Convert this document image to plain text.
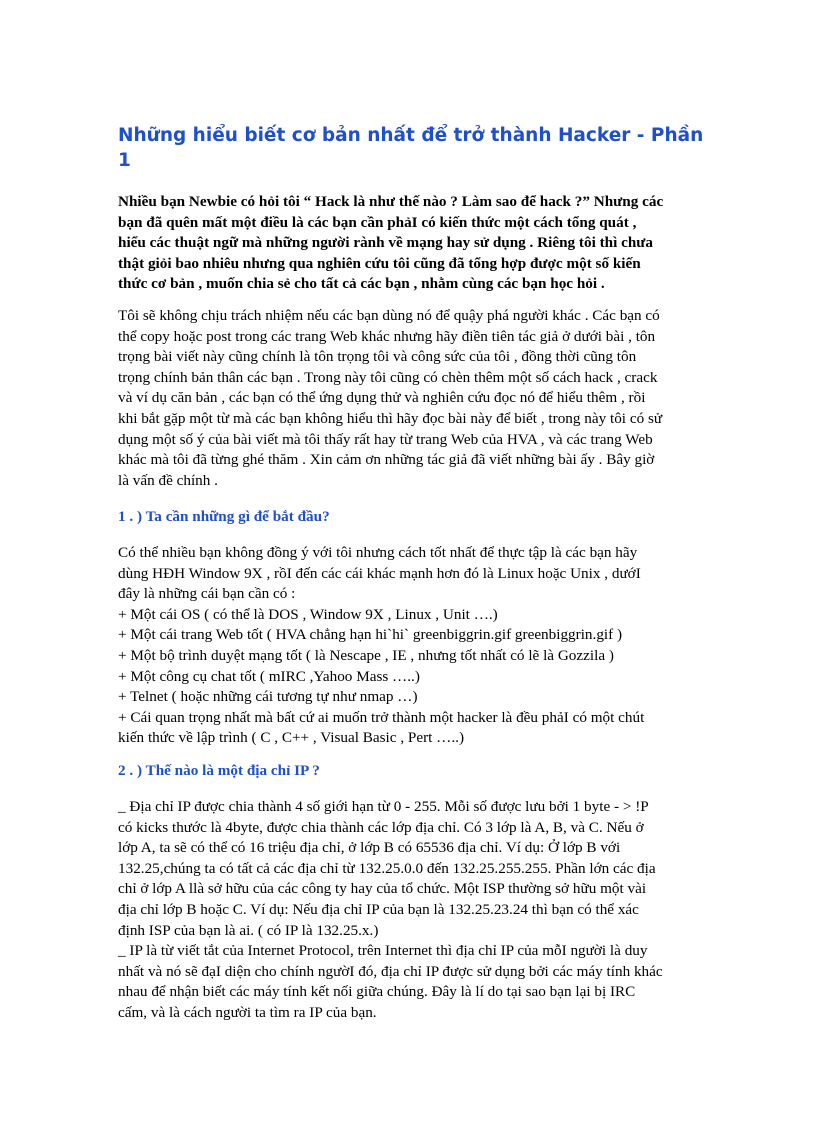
Những hiểu biết cơ bản nhất để trở thành Hacker - Phần 1

Nhiều bạn Newbie có hỏi tôi “ Hack là như thế nào ? Làm sao để hack ?” Nhưng các
bạn đã quên mất một điều là các bạn cần phảI có kiến thức một cách tổng quát ,
hiểu các thuật ngữ mà những người rành về mạng hay sử dụng . Riêng tôi thì chưa
thật giỏi bao nhiêu nhưng qua nghiên cứu tôi cũng đã tổng hợp được một số kiến
thức cơ bản , muốn chia sẻ cho tất cả các bạn , nhằm cùng các bạn học hỏi .

Tôi sẽ không chịu trách nhiệm nếu các bạn dùng nó để quậy phá người khác . Các bạn có
thể copy hoặc post trong các trang Web khác nhưng hãy điền tiên tác giả ở dưới bài , tôn
trọng bài viết này cũng chính là tôn trọng tôi và công sức của tôi , đồng thời cũng tôn
trọng chính bản thân các bạn . Trong này tôi cũng có chèn thêm một số cách hack , crack
và ví dụ căn bản , các bạn có thể ứng dụng thử và nghiên cứu đọc nó để hiểu thêm , rồi
khi bắt gặp một từ mà các bạn không hiểu thì hãy đọc bài này để biết , trong này tôi có sử
dụng một số ý của bài viết mà tôi thấy rất hay từ trang Web của HVA , và các trang Web
khác mà tôi đã từng ghé thăm . Xin cảm ơn những tác giả đã viết những bài ấy . Bây giờ
là vấn đề chính .

1 . ) Ta cần những gì để bắt đầu?

Có thể nhiều bạn không đồng ý với tôi nhưng cách tốt nhất để thực tập là các bạn hãy
dùng HĐH Window 9X , rồI đến các cái khác mạnh hơn đó là Linux hoặc Unix , dướI
đây là những cái bạn cần có :
+ Một cái OS ( có thể là DOS , Window 9X , Linux , Unit ….)
+ Một cái trang Web tốt ( HVA chẳng hạn hi`hi` greenbiggrin.gif greenbiggrin.gif )
+ Một bộ trình duyệt mạng tốt ( là Nescape , IE , nhưng tốt nhất có lẽ là Gozzila )
+ Một công cụ chat tốt ( mIRC ,Yahoo Mass …..)
+ Telnet ( hoặc những cái tương tự như nmap …)
+ Cái quan trọng nhất mà bất cứ ai muốn trở thành một hacker là đều phảI có một chút
kiến thức về lập trình ( C , C++ , Visual Basic , Pert …..)

2 . ) Thế nào là một địa chỉ IP ?

_ Địa chỉ IP được chia thành 4 số giới hạn từ 0 - 255. Mỗi số được lưu bởi 1 byte - > !P
có kicks thước là 4byte, được chia thành các lớp địa chỉ. Có 3 lớp là A, B, và C. Nếu ở
lớp A, ta sẽ có thể có 16 triệu địa chỉ, ở lớp B có 65536 địa chỉ. Ví dụ: Ở lớp B với
132.25,chúng ta có tất cả các địa chỉ từ 132.25.0.0 đến 132.25.255.255. Phần lớn các địa
chỉ ở lớp A llà sở hữu của các công ty hay của tổ chức. Một ISP thường sở hữu một vài
địa chỉ lớp B hoặc C. Ví dụ: Nếu địa chỉ IP của bạn là 132.25.23.24 thì bạn có thể xác
định ISP của bạn là ai. ( có IP là 132.25.x.)
_ IP là từ viết tắt của Internet Protocol, trên Internet thì địa chỉ IP của mỗI người là duy
nhất và nó sẽ đạI diện cho chính ngườI đó, địa chỉ IP được sử dụng bởi các máy tính khác
nhau để nhận biết các máy tính kết nối giữa chúng. Đây là lí do tại sao bạn lại bị IRC
cấm, và là cách người ta tìm ra IP của bạn.
